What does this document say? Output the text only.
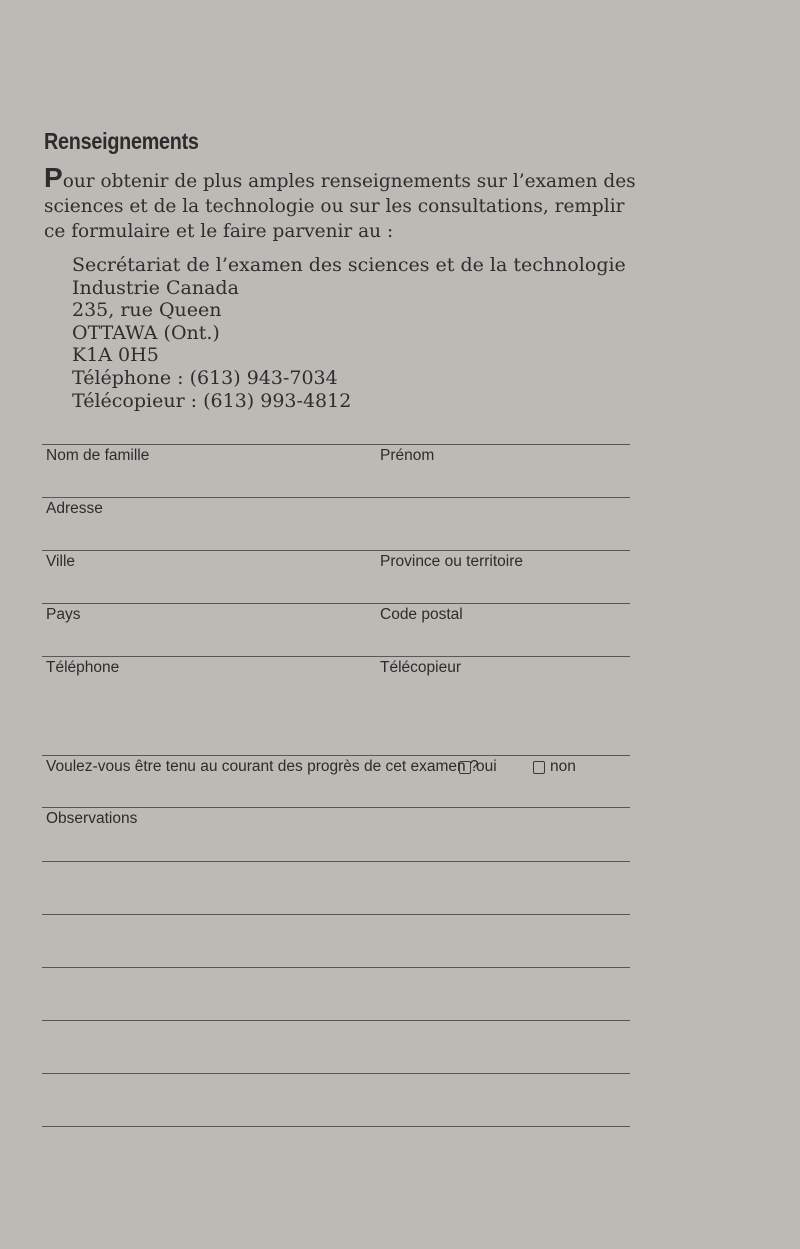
Renseignements

Pour obtenir de plus amples renseignements sur l’examen des sciences et de la technologie ou sur les consultations, remplir ce formulaire et le faire parvenir au :

Secrétariat de l’examen des sciences et de la technologie
Industrie Canada
235, rue Queen
OTTAWA (Ont.)
K1A 0H5
Téléphone : (613) 943-7034
Télécopieur : (613) 993-4812
Nom de famille	Prénom
Adresse
Ville	Province ou territoire
Pays	Code postal
Téléphone	Télécopieur
Voulez-vous être tenu au courant des progrès de cet examen ?
oui	non
Observations
